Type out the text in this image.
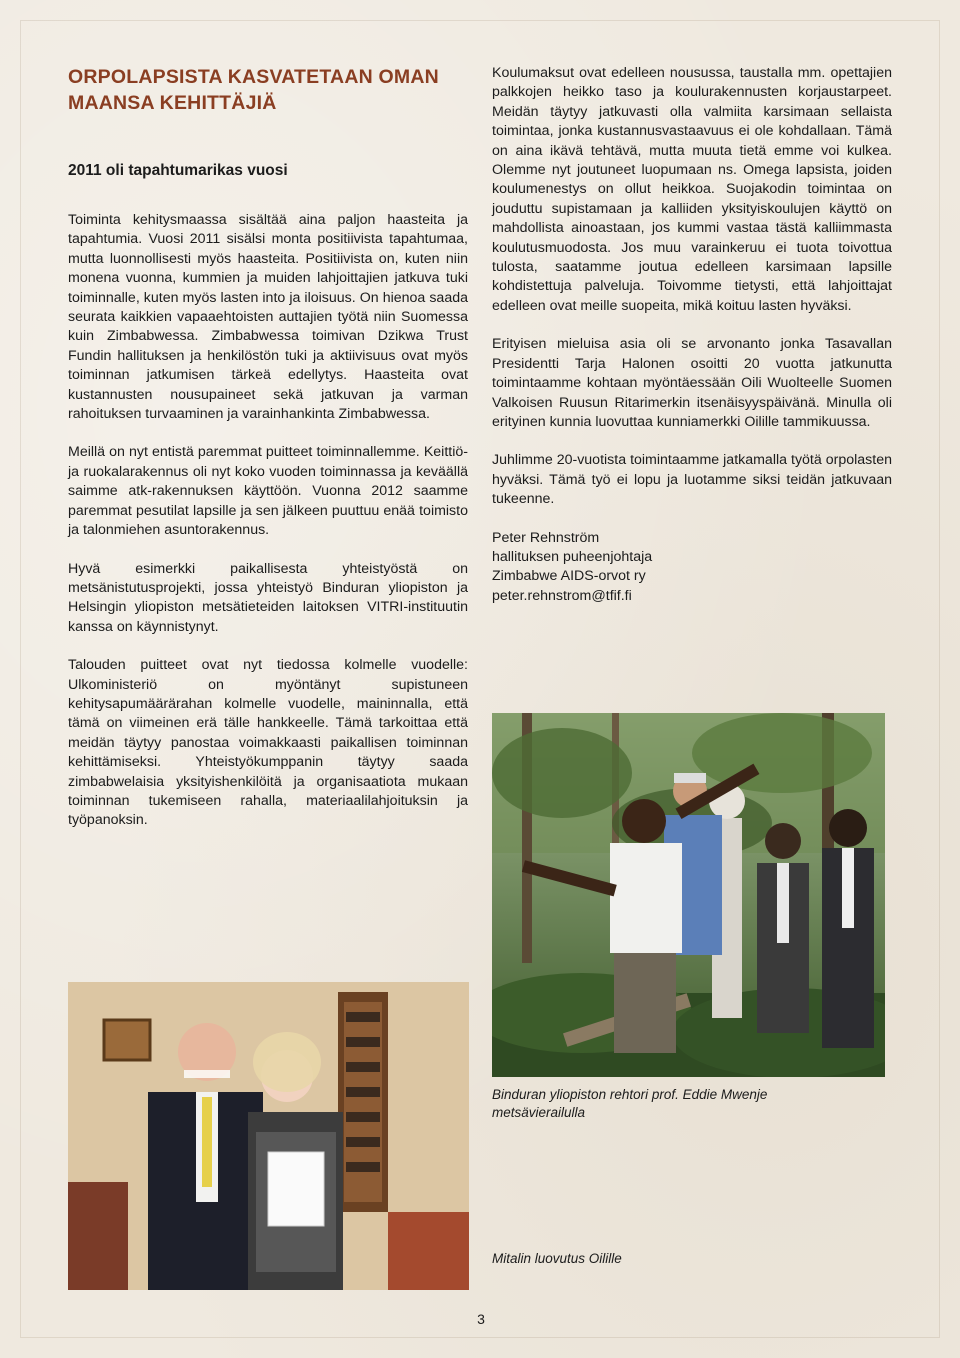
ORPOLAPSISTA KASVATETAAN OMAN
MAANSA KEHITTÄJIÄ
2011 oli tapahtumarikas vuosi

Toiminta kehitysmaassa sisältää aina paljon haasteita ja tapahtumia. Vuosi 2011 sisälsi monta positiivista tapahtumaa, mutta luonnollisesti myös haasteita. Positiivista on, kuten niin monena vuonna, kummien ja muiden lahjoittajien jatkuva tuki toiminnalle, kuten myös lasten into ja iloisuus. On hienoa saada seurata kaikkien vapaaehtoisten auttajien työtä niin Suomessa kuin Zimbabwessa. Zimbabwessa toimivan Dzikwa Trust Fundin hallituksen ja henkilöstön tuki ja aktiivisuus ovat myös toiminnan jatkumisen tärkeä edellytys. Haasteita ovat kustannusten nousupaineet sekä jatkuvan ja varman rahoituksen turvaaminen ja varainhankinta Zimbabwessa.

Meillä on nyt entistä paremmat puitteet toiminnallemme. Keittiö- ja ruokalarakennus oli nyt koko vuoden toiminnassa ja keväällä saimme atk-rakennuksen käyttöön. Vuonna 2012 saamme paremmat pesutilat lapsille ja sen jälkeen puuttuu enää toimisto ja talonmiehen asuntorakennus.

Hyvä esimerkki paikallisesta yhteistyöstä on metsänistutusprojekti, jossa yhteistyö Binduran yliopiston ja Helsingin yliopiston metsätieteiden laitoksen VITRI-instituutin kanssa on käynnistynyt.

Talouden puitteet ovat nyt tiedossa kolmelle vuodelle: Ulkoministeriö on myöntänyt supistuneen kehitysapumäärärahan kolmelle vuodelle, maininnalla, että tämä on viimeinen erä tälle hankkeelle. Tämä tarkoittaa että meidän täytyy panostaa voimakkaasti paikallisen toiminnan kehittämiseksi. Yhteistyökumppanin täytyy saada zimbabwelaisia yksityishenkilöitä ja organisaatiota mukaan toiminnan tukemiseen rahalla, materiaalilahjoituksin ja työpanoksin.

Koulumaksut ovat edelleen nousussa, taustalla mm. opettajien palkkojen heikko taso ja koulurakennusten korjaustarpeet. Meidän täytyy jatkuvasti olla valmiita karsimaan sellaista toimintaa, jonka kustannusvastaavuus ei ole kohdallaan. Tämä on aina ikävä tehtävä, mutta muuta tietä emme voi kulkea. Olemme nyt joutuneet luopumaan ns. Omega lapsista, joiden koulumenestys on ollut heikkoa. Suojakodin toimintaa on jouduttu supistamaan ja kalliiden yksityiskoulujen käyttö on mahdollista ainoastaan, jos kummi vastaa tästä kalliimmasta koulutusmuodosta. Jos muu varainkeruu ei tuota toivottua tulosta, saatamme joutua edelleen karsimaan lapsille kohdistettuja palveluja. Toivomme tietysti, että lahjoittajat edelleen ovat meille suopeita, mikä koituu lasten hyväksi.

Erityisen mieluisa asia oli se arvonanto jonka Tasavallan Presidentti Tarja Halonen osoitti 20 vuotta jatkunutta toimintaamme kohtaan myöntäessään Oili Wuolteelle Suomen Valkoisen Ruusun Ritarimerkin itsenäisyyspäivänä. Minulla oli erityinen kunnia luovuttaa kunniamerkki Oilille tammikuussa.

Juhlimme 20-vuotista toimintaamme jatkamalla työtä orpolasten hyväksi. Tämä työ ei lopu ja luotamme siksi teidän jatkuvaan tukeenne.

Peter Rehnström

hallituksen puheenjohtaja

Zimbabwe AIDS-orvot ry

peter.rehnstrom@tfif.fi

Binduran yliopiston rehtori prof. Eddie Mwenje metsävierailulla
Mitalin luovutus Oilille
3
